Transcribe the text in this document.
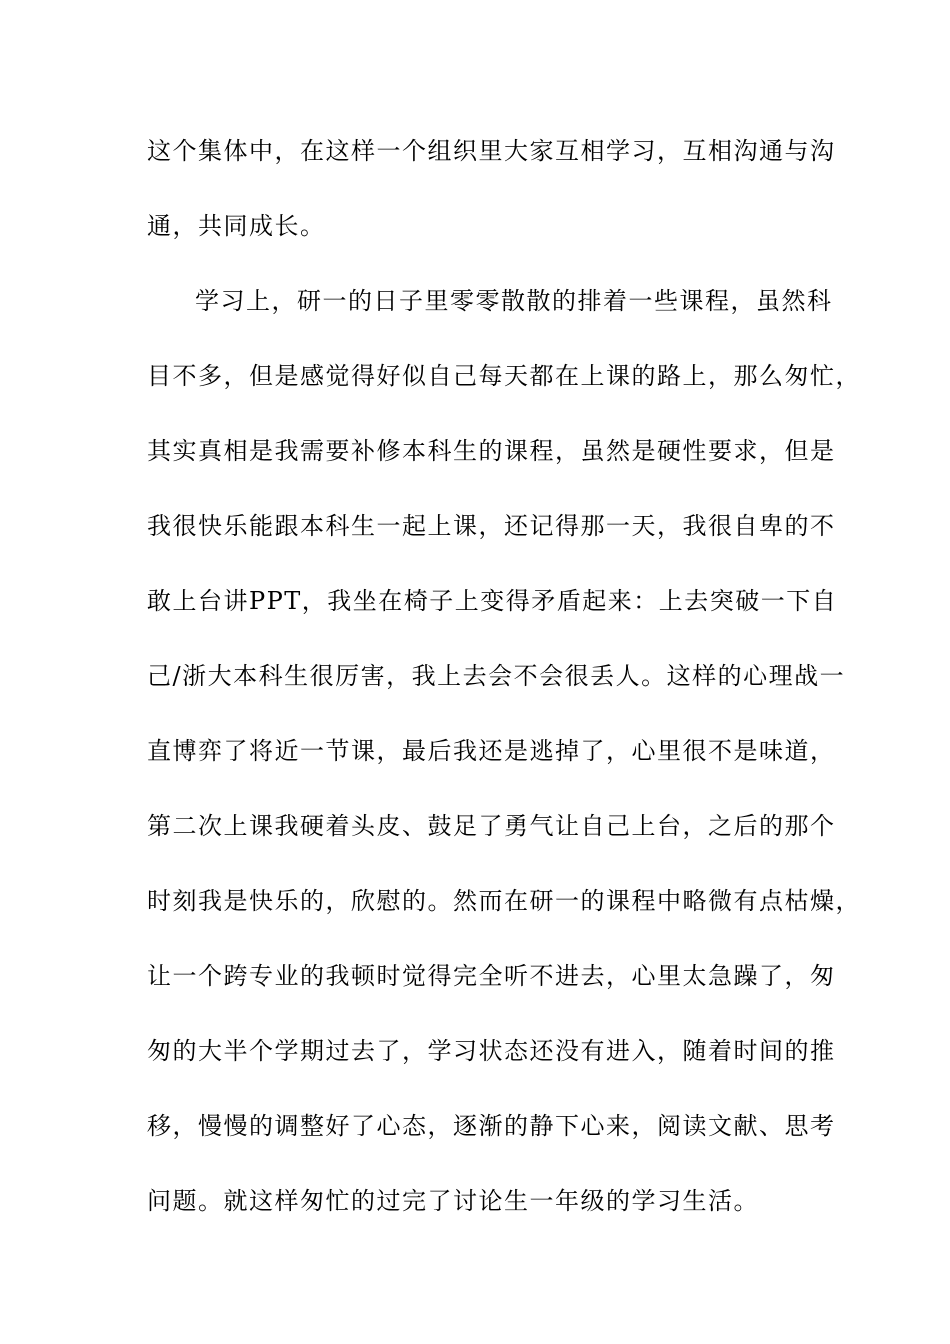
这个集体中，在这样一个组织里大家互相学习，互相沟通与沟
通，共同成长。
学习上，研一的日子里零零散散的排着一些课程，虽然科
目不多，但是感觉得好似自己每天都在上课的路上，那么匆忙，
其实真相是我需要补修本科生的课程，虽然是硬性要求，但是
我很快乐能跟本科生一起上课，还记得那一天，我很自卑的不
敢上台讲PPT，我坐在椅子上变得矛盾起来：上去突破一下自
己/浙大本科生很厉害，我上去会不会很丢人。这样的心理战一
直博弈了将近一节课，最后我还是逃掉了，心里很不是味道，
第二次上课我硬着头皮、鼓足了勇气让自己上台，之后的那个
时刻我是快乐的，欣慰的。然而在研一的课程中略微有点枯燥，
让一个跨专业的我顿时觉得完全听不进去，心里太急躁了，匆
匆的大半个学期过去了，学习状态还没有进入，随着时间的推
移，慢慢的调整好了心态，逐渐的静下心来，阅读文献、思考
问题。就这样匆忙的过完了讨论生一年级的学习生活。
